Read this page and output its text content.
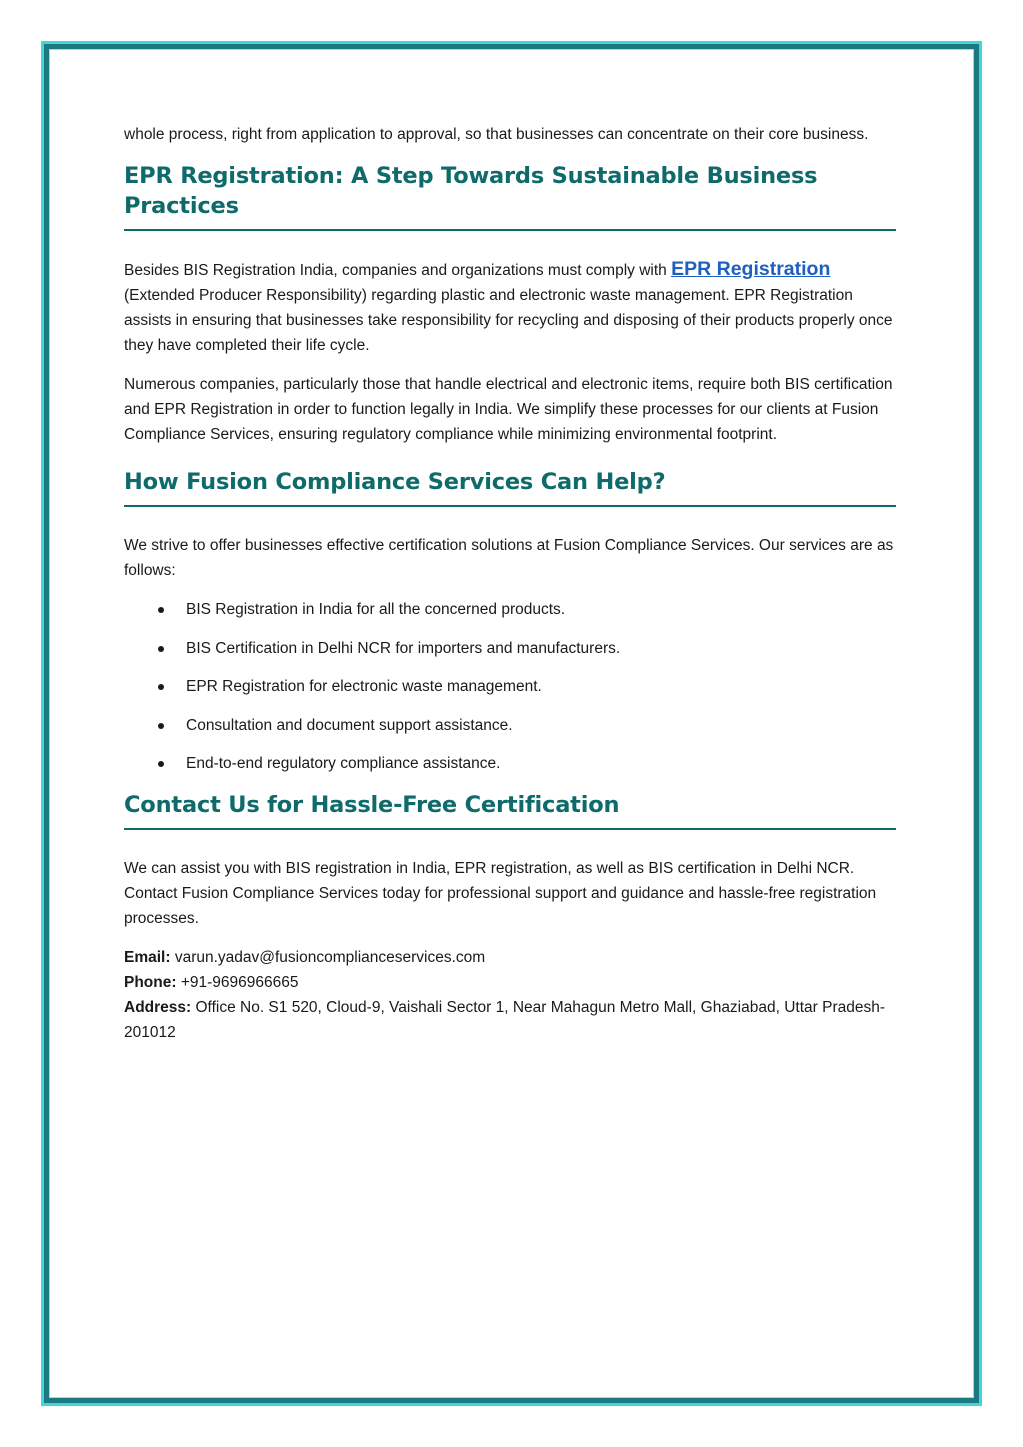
whole process, right from application to approval, so that businesses can concentrate on their core business.

EPR Registration: A Step Towards Sustainable Business Practices

Besides BIS Registration India, companies and organizations must comply with EPR Registration (Extended Producer Responsibility) regarding plastic and electronic waste management. EPR Registration assists in ensuring that businesses take responsibility for recycling and disposing of their products properly once they have completed their life cycle.

Numerous companies, particularly those that handle electrical and electronic items, require both BIS certification and EPR Registration in order to function legally in India. We simplify these processes for our clients at Fusion Compliance Services, ensuring regulatory compliance while minimizing environmental footprint.

How Fusion Compliance Services Can Help?

We strive to offer businesses effective certification solutions at Fusion Compliance Services. Our services are as follows:

BIS Registration in India for all the concerned products.
BIS Certification in Delhi NCR for importers and manufacturers.
EPR Registration for electronic waste management.
Consultation and document support assistance.
End-to-end regulatory compliance assistance.
Contact Us for Hassle-Free Certification

We can assist you with BIS registration in India, EPR registration, as well as BIS certification in Delhi NCR. Contact Fusion Compliance Services today for professional support and guidance and hassle-free registration processes.

Email: varun.yadav@fusioncomplianceservices.com

Phone: +91-9696966665

Address: Office No. S1 520, Cloud-9, Vaishali Sector 1, Near Mahagun Metro Mall, Ghaziabad, Uttar Pradesh-201012
